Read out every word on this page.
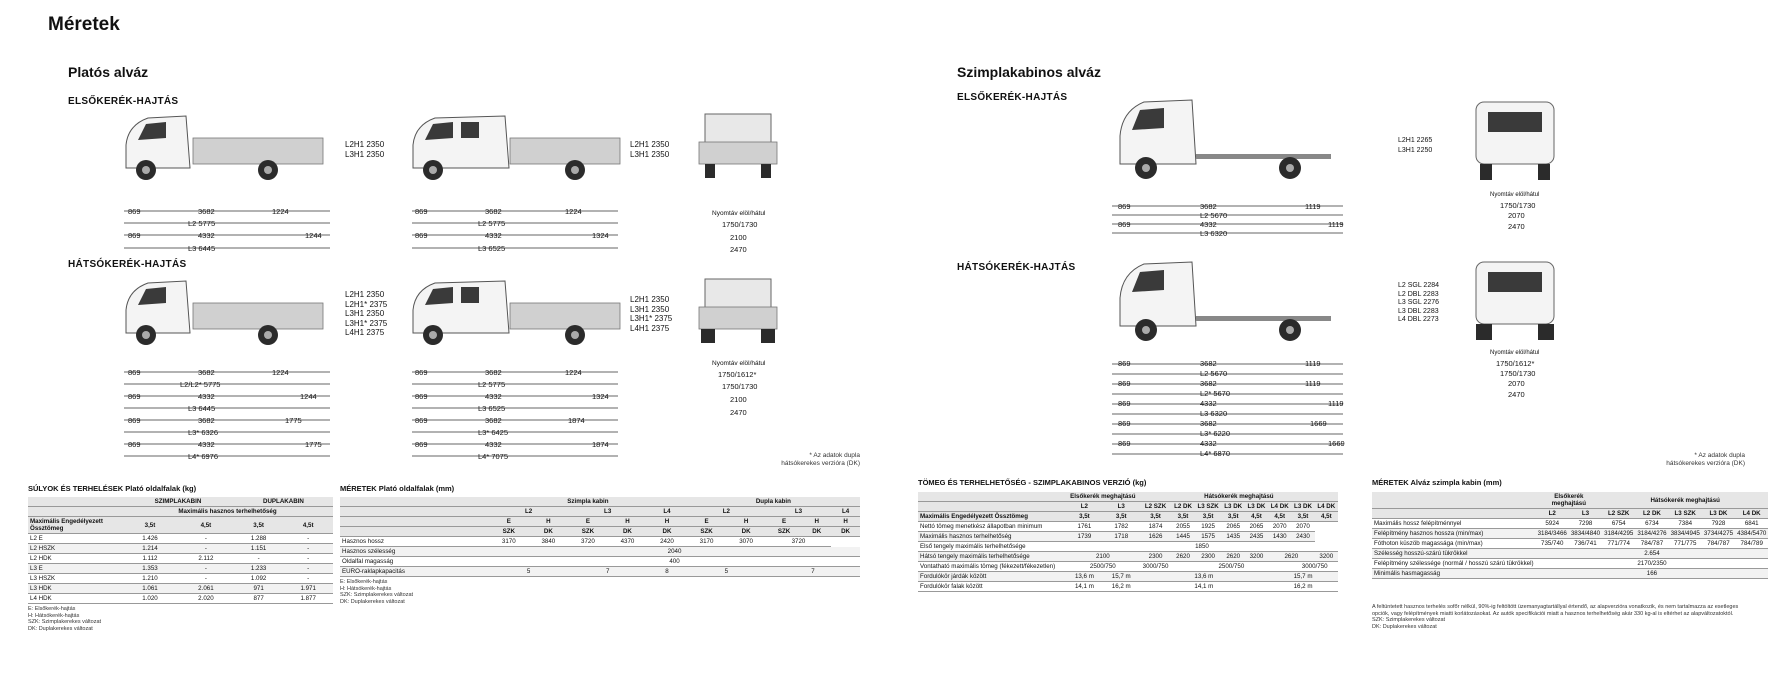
Méretek
Platós alváz
ELSŐKERÉK-HAJTÁS
HÁTSÓKERÉK-HAJTÁS
L2H1 2350
L3H1 2350
L2H1 2350
L3H1 2350
L2H1 2350
L2H1* 2375
L3H1 2350
L3H1* 2375
L4H1 2375
L2H1 2350
L3H1 2350
L3H1* 2375
L4H1 2375
869	3682	1224
L2 5775
869	4332	1244
L3 6445
869	3682	1224
L2 5775
869	4332	1324
L3 6525
Nyomtáv elöl/hátul
1750/1730
2100
2470
869	3682	1224
L2/L2* 5775
869	4332	1244
L3 6445
869	3682	1775
L3* 6326
869	4332	1775
L4* 6976
869	3682	1224
L2 5775
869	4332	1324
L3 6525
869	3682	1874
L3* 6425
869	4332	1874
L4* 7075
Nyomtáv elöl/hátul
1750/1612*
1750/1730
2100
2470
* Az adatok dupla
hátsókerekes verzióra (DK)
SÚLYOK ÉS TERHELÉSEK Plató oldalfalak (kg)
	SZIMPLAKABIN		DUPLAKABIN	
	Maximális hasznos terhelhetőség			
Maximális Engedélyezett Össztömeg	3,5t	4,5t	3,5t	4,5t
L2 E	1.426	-	1.288	-
L2 HSZK	1.214	-	1.151	-
L2 HDK	1.112	2.112	-	-
L3 E	1.353	-	1.233	-
L3 HSZK	1.210	-	1.092	-
L3 HDK	1.061	2.061	971	1.971
L4 HDK	1.020	2.020	877	1.877
E: Elsőkerék-hajtás
H: Hátsókerék-hajtás
SZK: Szimplakerekes változat
DK: Duplakerekes változat
MÉRETEK Plató oldalfalak (mm)
	Szimpla kabin					Dupla kabin				
	L2		L3		L4	L2		L3		L4
	E	H	E	H	H	E	H	E	H	H
	SZK	DK	SZK	DK	DK	SZK	DK	SZK	DK	DK
Hasznos hossz	3170	3840	3720	4370	2420	3170	3070	3720		
Hasznos szélesség	2040									
Oldalfal magasság	400									
EURO-raklapkapacitás	5		7		8	5		7		
E: Elsőkerék-hajtás
H: Hátsókerék-hajtás
SZK: Szimplakerekes változat
DK: Duplakerekes változat
Szimplakabinos alváz
ELSŐKERÉK-HAJTÁS
HÁTSÓKERÉK-HAJTÁS
L2H1 2265
L3H1 2250
L2 SGL 2284
L2 DBL 2283
L3 SGL 2276
L3 DBL 2283
L4 DBL 2273
869	3682	1119
L2 5670
869	4332	1119
L3 6320
Nyomtáv elöl/hátul
1750/1730
2070
2470
869	3682	1119
L2 5670
869	3682	1119
L2* 5670
869	4332	1119
L3 6320
869	3682	1669
L3* 6220
869	4332	1669
L4* 6870
Nyomtáv elöl/hátul
1750/1612*
1750/1730
2070
2470
* Az adatok dupla
hátsókerekes verzióra (DK)
TÖMEG ÉS TERHELHETŐSÉG - SZIMPLAKABINOS VERZIÓ (kg)
	Elsőkerék meghajtású		Hátsókerék meghajtású							
	L2	L3	L2 SZK	L2 DK	L3 SZK	L3 DK	L3 DK	L4 DK	L3 DK	L4 DK
Maximális Engedélyezett Össztömeg	3,5t	3,5t	3,5t	3,5t	3,5t	3,5t	4,5t	4,5t	3,5t	4,5t
Nettó tömeg menetkész állapotban minimum	1761	1782	1874	2055	1925	2065	2065	2070	2070	
Maximális hasznos terhelhetőség	1739	1718	1626	1445	1575	1435	2435	1430	2430	
Első tengely maximális terhelhetősége	1850									
Hátsó tengely maximális terhelhetősége	2100		2300	2620	2300	2620	3200	2620		3200
Vontatható maximális tömeg (fékezett/fékezetlen)	2500/750		3000/750	2500/750					3000/750	
Fordulókör járdák között	13,6 m	15,7 m	13,6 m					15,7 m		
Fordulókör falak között	14,1 m	16,2 m	14,1 m					16,2 m		
MÉRETEK Alváz szimpla kabin (mm)
	Elsőkerék meghajtású		Hátsókerék meghajtású				
	L2	L3	L2 SZK	L2 DK	L3 SZK	L3 DK	L4 DK
Maximális hossz felépítménnyel	5924	7298	6754	6734	7384	7928	6841
Felépítmény hasznos hossza (min/max)	3184/3466	3834/4840	3184/4295	3184/4276	3834/4945	3734/4275	4384/5470
Fóthoton küszöb magassága (min/max)	735/740	736/741	771/774	784/787	771/775	784/787	784/789
Szélesség hosszú-szárú tükrökkel	2.654						
Felépítmény szélessége (normál / hosszú szárú tükrökkel)	2170/2350						
Minimális hasmagasság	166						
A feltüntetett hasznos terhelés sofőr nélkül, 90%-ig feltöltött üzemanyagtartállyal értendő, az alapverzióra vonatkozik, és nem tartalmazza az esetleges opciók, vagy felépítmények miatti korlátozásokat. Az autók specifikációi miatt a hasznos terhelhetőség akár 330 kg-al is eltérhet az alapváltozatoktól.
SZK: Szimplakerekes változat
DK: Duplakerekes változat
